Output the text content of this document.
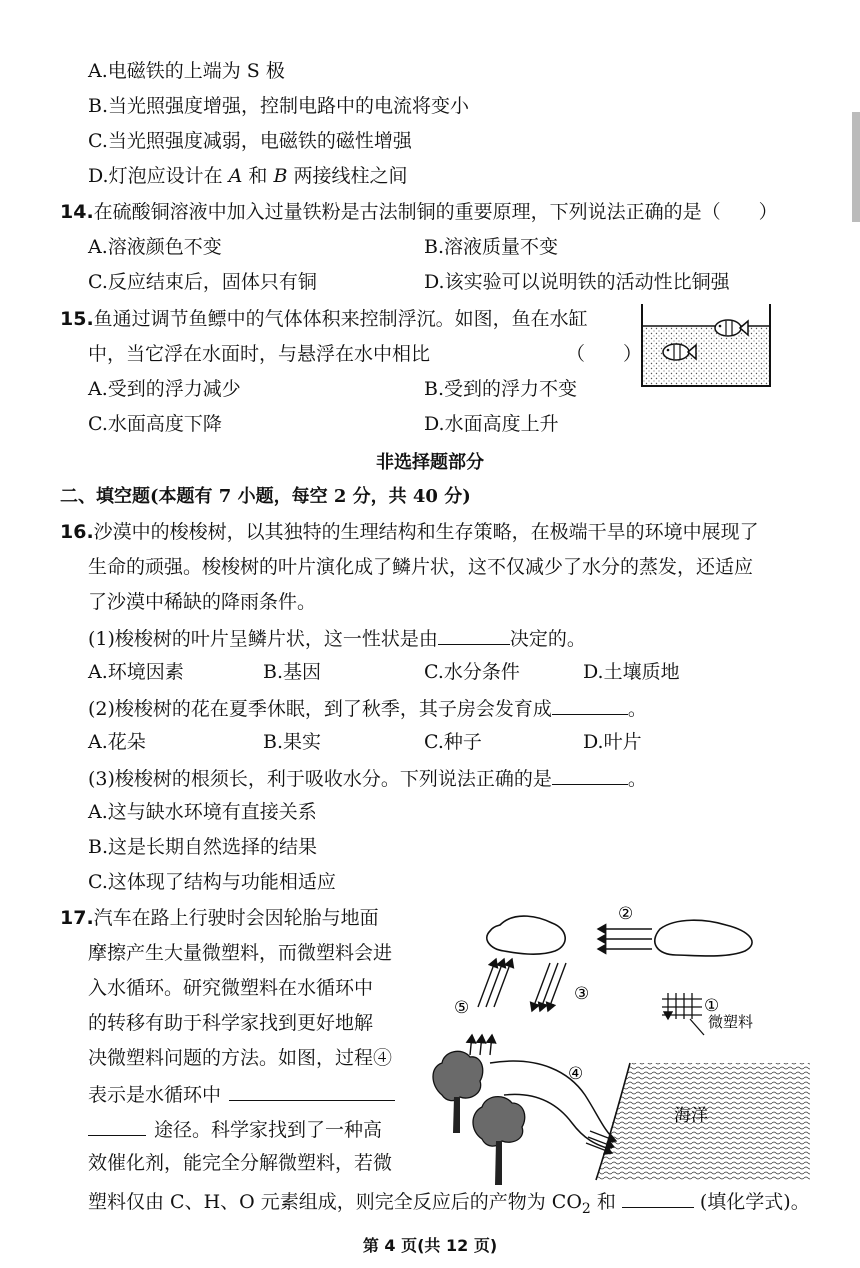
A.电磁铁的上端为 S 极
B.当光照强度增强，控制电路中的电流将变小
C.当光照强度减弱，电磁铁的磁性增强
D.灯泡应设计在 A 和 B 两接线柱之间
14.在硫酸铜溶液中加入过量铁粉是古法制铜的重要原理，下列说法正确的是（　　）
A.溶液颜色不变	B.溶液质量不变
C.反应结束后，固体只有铜	D.该实验可以说明铁的活动性比铜强
15.鱼通过调节鱼鳔中的气体体积来控制浮沉。如图，鱼在水缸
中，当它浮在水面时，与悬浮在水中相比	（　　）
A.受到的浮力减少	B.受到的浮力不变
C.水面高度下降	D.水面高度上升
非选择题部分
二、填空题(本题有 7 小题，每空 2 分，共 40 分)
16.沙漠中的梭梭树，以其独特的生理结构和生存策略，在极端干旱的环境中展现了
生命的顽强。梭梭树的叶片演化成了鳞片状，这不仅减少了水分的蒸发，还适应
了沙漠中稀缺的降雨条件。
(1)梭梭树的叶片呈鳞片状，这一性状是由	决定的。
A.环境因素	B.基因	C.水分条件	D.土壤质地
(2)梭梭树的花在夏季休眠，到了秋季，其子房会发育成	。
A.花朵	B.果实	C.种子	D.叶片
(3)梭梭树的根须长，利于吸收水分。下列说法正确的是	。
A.这与缺水环境有直接关系
B.这是长期自然选择的结果
C.这体现了结构与功能相适应
17.汽车在路上行驶时会因轮胎与地面
摩擦产生大量微塑料，而微塑料会进
入水循环。研究微塑料在水循环中
的转移有助于科学家找到更好地解
决微塑料问题的方法。如图，过程④
表示是水循环中
途径。科学家找到了一种高
效催化剂，能完全分解微塑料，若微
塑料仅由 C、H、O 元素组成，则完全反应后的产物为 $CO_2$ 和	(填化学式)。
②
⑤
③
①
微塑料
海洋
④
第 4 页(共 12 页)
